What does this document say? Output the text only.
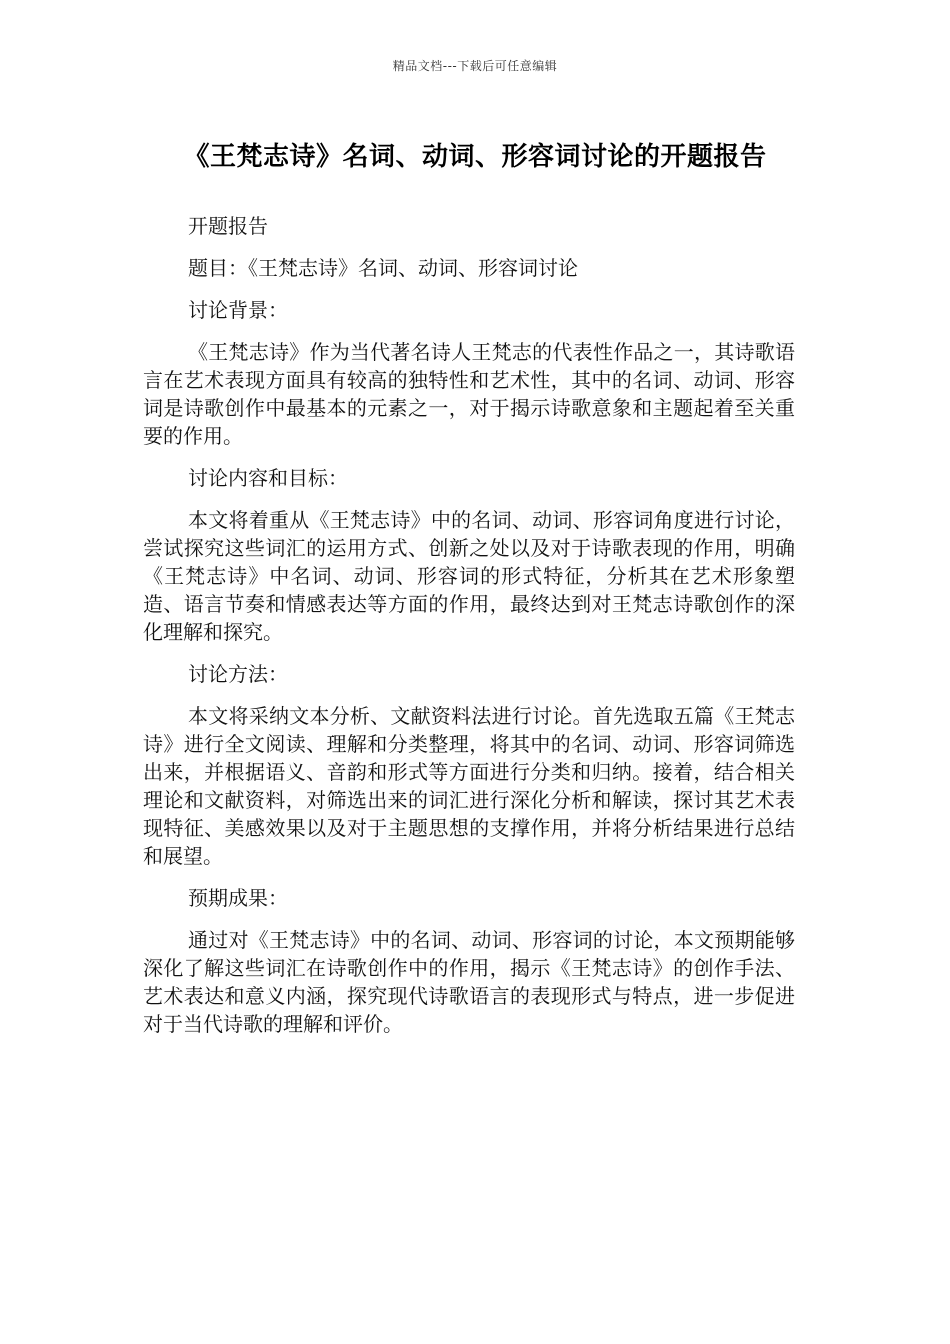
精品文档---下载后可任意编辑
《王梵志诗》名词、动词、形容词讨论的开题报告

开题报告

题目：《王梵志诗》名词、动词、形容词讨论

讨论背景：

《王梵志诗》作为当代著名诗人王梵志的代表性作品之一，其诗歌语言在艺术表现方面具有较高的独特性和艺术性，其中的名词、动词、形容词是诗歌创作中最基本的元素之一，对于揭示诗歌意象和主题起着至关重要的作用。

讨论内容和目标：

本文将着重从《王梵志诗》中的名词、动词、形容词角度进行讨论，尝试探究这些词汇的运用方式、创新之处以及对于诗歌表现的作用，明确《王梵志诗》中名词、动词、形容词的形式特征，分析其在艺术形象塑造、语言节奏和情感表达等方面的作用，最终达到对王梵志诗歌创作的深化理解和探究。

讨论方法：

本文将采纳文本分析、文献资料法进行讨论。首先选取五篇《王梵志诗》进行全文阅读、理解和分类整理，将其中的名词、动词、形容词筛选出来，并根据语义、音韵和形式等方面进行分类和归纳。接着，结合相关理论和文献资料，对筛选出来的词汇进行深化分析和解读，探讨其艺术表现特征、美感效果以及对于主题思想的支撑作用，并将分析结果进行总结和展望。

预期成果：

通过对《王梵志诗》中的名词、动词、形容词的讨论，本文预期能够深化了解这些词汇在诗歌创作中的作用，揭示《王梵志诗》的创作手法、艺术表达和意义内涵，探究现代诗歌语言的表现形式与特点，进一步促进对于当代诗歌的理解和评价。
